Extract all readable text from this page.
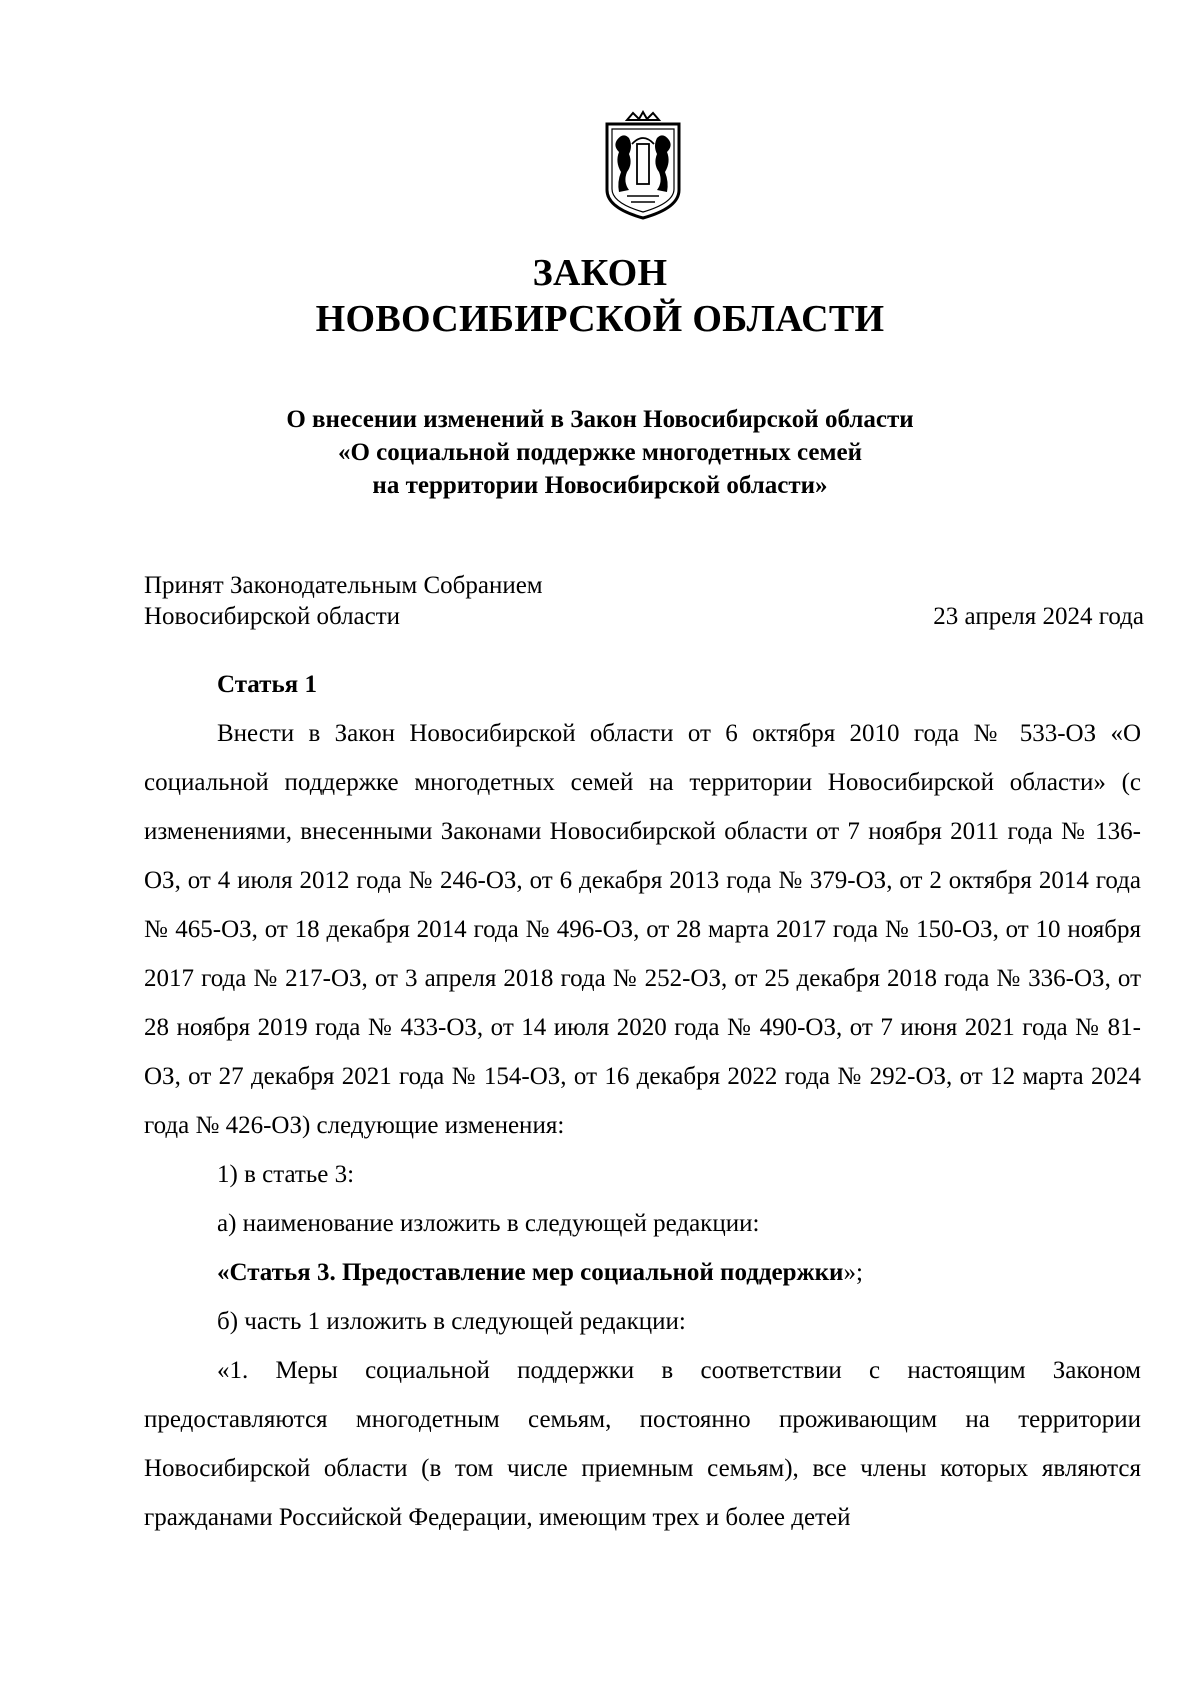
ЗАКОН
НОВОСИБИРСКОЙ ОБЛАСТИ
О внесении изменений в Закон Новосибирской области
«О социальной поддержке многодетных семей
на территории Новосибирской области»
Принят Законодательным Собранием
Новосибирской области	23 апреля 2024 года
Статья 1

Внести в Закон Новосибирской области от 6 октября 2010 года № 533-ОЗ «О социальной поддержке многодетных семей на территории Новосибирской области» (с изменениями, внесенными Законами Новосибирской области от 7 ноября 2011 года № 136-ОЗ, от 4 июля 2012 года № 246-ОЗ, от 6 декабря 2013 года № 379-ОЗ, от 2 октября 2014 года № 465-ОЗ, от 18 декабря 2014 года № 496-ОЗ, от 28 марта 2017 года № 150-ОЗ, от 10 ноября 2017 года № 217-ОЗ, от 3 апреля 2018 года № 252-ОЗ, от 25 декабря 2018 года № 336-ОЗ, от 28 ноября 2019 года № 433-ОЗ, от 14 июля 2020 года № 490-ОЗ, от 7 июня 2021 года № 81-ОЗ, от 27 декабря 2021 года № 154-ОЗ, от 16 декабря 2022 года № 292-ОЗ, от 12 марта 2024 года № 426-ОЗ) следующие изменения:

1) в статье 3:
а) наименование изложить в следующей редакции:
«Статья 3. Предоставление мер социальной поддержки»;
б) часть 1 изложить в следующей редакции:

«1. Меры социальной поддержки в соответствии с настоящим Законом предоставляются многодетным семьям, постоянно проживающим на территории Новосибирской области (в том числе приемным семьям), все члены которых являются гражданами Российской Федерации, имеющим трех и более детей
